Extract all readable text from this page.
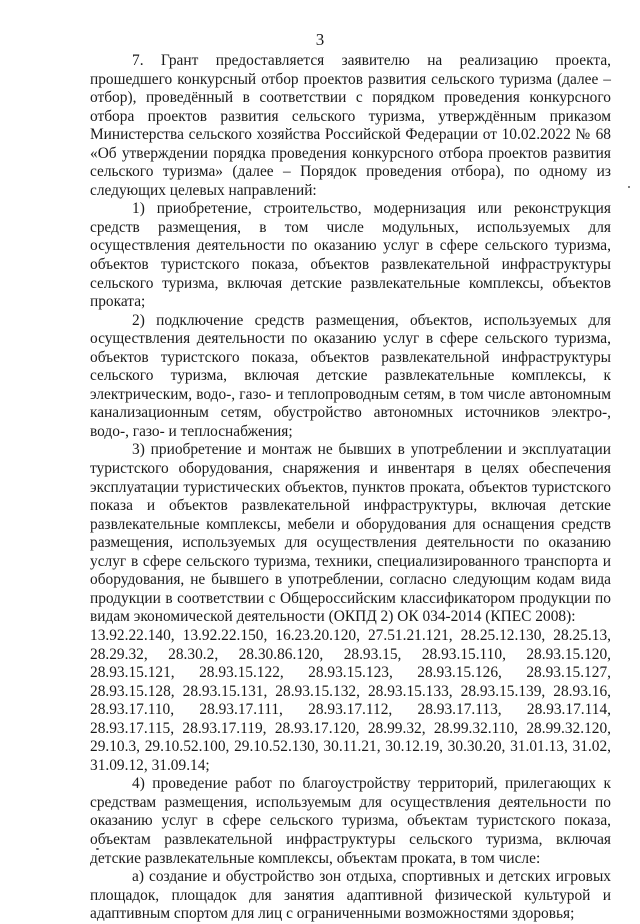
3

7. Грант предоставляется заявителю на реализацию проекта, прошедшего конкурсный отбор проектов развития сельского туризма (далее – отбор), проведённый в соответствии с порядком проведения конкурсного отбора проектов развития сельского туризма, утверждённым приказом Министерства сельского хозяйства Российской Федерации от 10.02.2022 № 68 «Об утверждении порядка проведения конкурсного отбора проектов развития сельского туризма» (далее – Порядок проведения отбора), по одному из следующих целевых направлений:

1) приобретение, строительство, модернизация или реконструкция средств размещения, в том числе модульных, используемых для осуществления деятельности по оказанию услуг в сфере сельского туризма, объектов туристского показа, объектов развлекательной инфраструктуры сельского туризма, включая детские развлекательные комплексы, объектов проката;

2) подключение средств размещения, объектов, используемых для осуществления деятельности по оказанию услуг в сфере сельского туризма, объектов туристского показа, объектов развлекательной инфраструктуры сельского туризма, включая детские развлекательные комплексы, к электрическим, водо-, газо- и теплопроводным сетям, в том числе автономным канализационным сетям, обустройство автономных источников электро-, водо-, газо- и теплоснабжения;

3) приобретение и монтаж не бывших в употреблении и эксплуатации туристского оборудования, снаряжения и инвентаря в целях обеспечения эксплуатации туристических объектов, пунктов проката, объектов туристского показа и объектов развлекательной инфраструктуры, включая детские развлекательные комплексы, мебели и оборудования для оснащения средств размещения, используемых для осуществления деятельности по оказанию услуг в сфере сельского туризма, техники, специализированного транспорта и оборудования, не бывшего в употреблении, согласно следующим кодам вида продукции в соответствии с Общероссийским классификатором продукции по видам экономической деятельности (ОКПД 2) ОК 034-2014 (КПЕС 2008):

13.92.22.140, 13.92.22.150, 16.23.20.120, 27.51.21.121, 28.25.12.130, 28.25.13, 28.29.32, 28.30.2, 28.30.86.120, 28.93.15, 28.93.15.110, 28.93.15.120, 28.93.15.121, 28.93.15.122, 28.93.15.123, 28.93.15.126, 28.93.15.127, 28.93.15.128, 28.93.15.131, 28.93.15.132, 28.93.15.133, 28.93.15.139, 28.93.16, 28.93.17.110, 28.93.17.111, 28.93.17.112, 28.93.17.113, 28.93.17.114, 28.93.17.115, 28.93.17.119, 28.93.17.120, 28.99.32, 28.99.32.110, 28.99.32.120, 29.10.3, 29.10.52.100, 29.10.52.130, 30.11.21, 30.12.19, 30.30.20, 31.01.13, 31.02, 31.09.12, 31.09.14;

4) проведение работ по благоустройству территорий, прилегающих к средствам размещения, используемым для осуществления деятельности по оказанию услуг в сфере сельского туризма, объектам туристского показа, объектам развлекательной инфраструктуры сельского туризма, включая детские развлекательные комплексы, объектам проката, в том числе:

а) создание и обустройство зон отдыха, спортивных и детских игровых площадок, площадок для занятия адаптивной физической культурой и адаптивным спортом для лиц с ограниченными возможностями здоровья;
